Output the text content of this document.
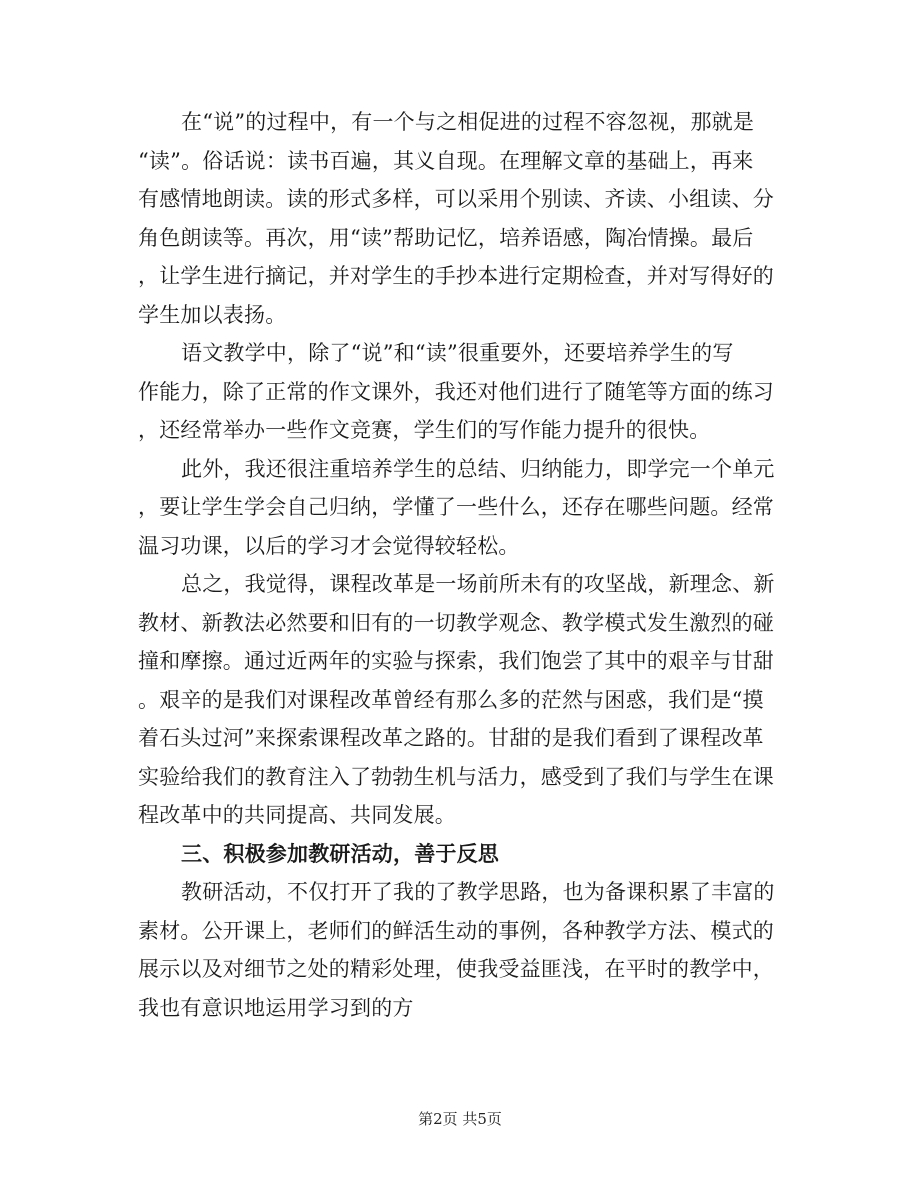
在“说”的过程中，有一个与之相促进的过程不容忽视，那就是
“读”。俗话说：读书百遍，其义自现。在理解文章的基础上，再来
有感情地朗读。读的形式多样，可以采用个别读、齐读、小组读、分
角色朗读等。再次，用“读”帮助记忆，培养语感，陶冶情操。最后
，让学生进行摘记，并对学生的手抄本进行定期检查，并对写得好的
学生加以表扬。
语文教学中，除了“说”和“读”很重要外，还要培养学生的写
作能力，除了正常的作文课外，我还对他们进行了随笔等方面的练习
，还经常举办一些作文竞赛，学生们的写作能力提升的很快。
此外，我还很注重培养学生的总结、归纳能力，即学完一个单元
，要让学生学会自己归纳，学懂了一些什么，还存在哪些问题。经常
温习功课，以后的学习才会觉得较轻松。
总之，我觉得，课程改革是一场前所未有的攻坚战，新理念、新
教材、新教法必然要和旧有的一切教学观念、教学模式发生激烈的碰
撞和摩擦。通过近两年的实验与探索，我们饱尝了其中的艰辛与甘甜
。艰辛的是我们对课程改革曾经有那么多的茫然与困惑，我们是“摸
着石头过河”来探索课程改革之路的。甘甜的是我们看到了课程改革
实验给我们的教育注入了勃勃生机与活力，感受到了我们与学生在课
程改革中的共同提高、共同发展。
三、积极参加教研活动，善于反思
教研活动，不仅打开了我的了教学思路，也为备课积累了丰富的
素材。公开课上，老师们的鲜活生动的事例，各种教学方法、模式的
展示以及对细节之处的精彩处理，使我受益匪浅，在平时的教学中，
我也有意识地运用学习到的方
第2页 共5页
